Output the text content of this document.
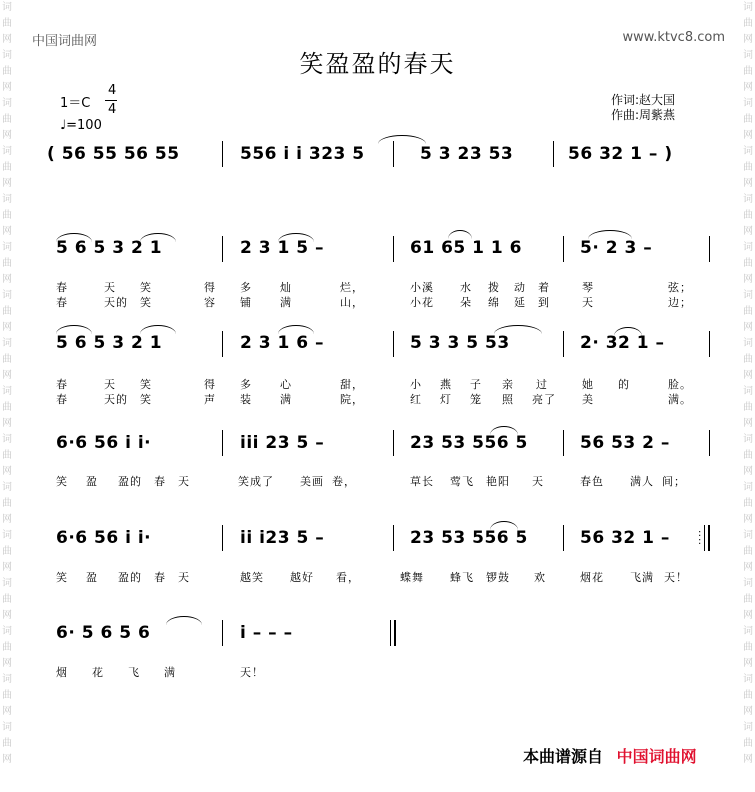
词
曲
网
词
曲
网
词
曲
网
词
曲
网
词
曲
网
词
曲
网
词
曲
网
词
曲
网
词
曲
网
词
曲
网
词
曲
网
词
曲
网
词
曲
网
词
曲
网
词
曲
网
词
曲
网
词
曲
网
词
曲
网
词
曲
网
词
曲
网
词
曲
网
词
曲
网
词
曲
网
词
曲
网
词
曲
网
词
曲
网
词
曲
网
词
曲
网
词
曲
网
词
曲
网
词
曲
网
词
曲
网
中国词曲网	www.ktvc8.com
笑盈盈的春天
1＝C
4
4
♩=100
作词:赵大国
作曲:周紫燕
( 56 55 56 55	556 i i 323 5	5 3 23 53	56 32 1 – )
5 6 5 3 2 1	2 3 1 5 –	61 65 1 1 6	5· 2 3 –
春	天 笑	得 多	灿	烂，	小溪 水 拨 动 着	琴	弦；
春	天的 笑	容 铺	满	山，	小花 朵 绵 延 到	天	边；
5 6 5 3 2 1	2 3 1 6 –	5 3 3 5 53	2· 32 1 –
春	天 笑	得 多	心	甜，	小 燕 子 亲 过	她 的	脸。
春	天的 笑	声 装	满	院，	红 灯 笼 照 亮了 美	满。
6·6 56 i i·	iii 23 5 –	23 53 556 5	56 53 2 –
笑 盈 盈的 春 天	笑成了 美画 卷，	草长 莺飞 艳阳 天	春色 满人 间；
6·6 56 i i·	ii i23 5 –	23 53 556 5	56 32 1 –	:
:
笑 盈 盈的 春 天	越笑 越好 看，	蝶舞 蜂飞 锣鼓 欢	烟花 飞满 天！
6· 5 6 5 6	i – – –
烟 花 飞 满	天！
本曲谱源自 中国词曲网
